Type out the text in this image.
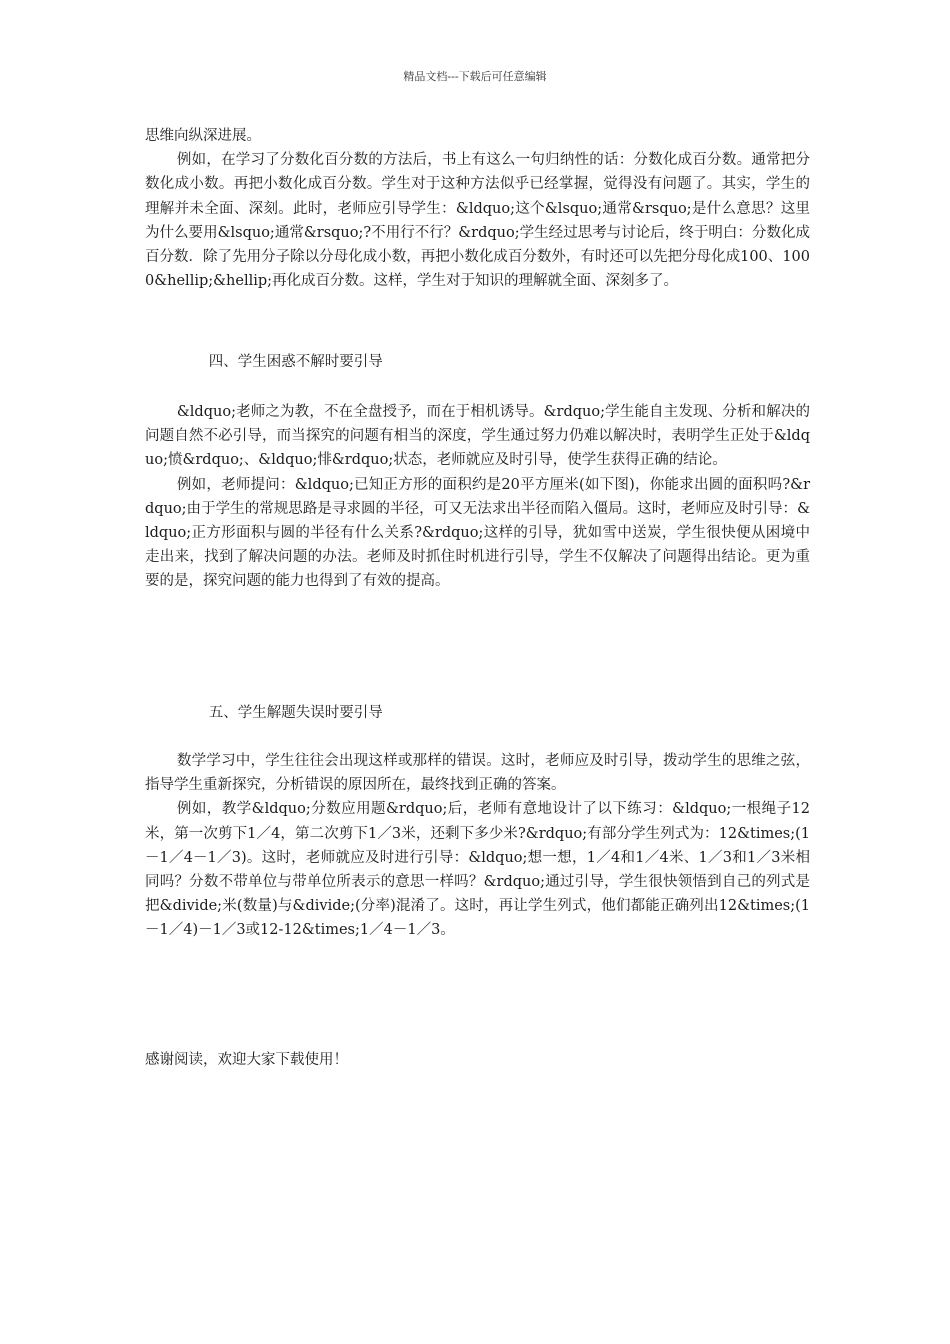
精品文档---下载后可任意编辑

思维向纵深进展。

例如，在学习了分数化百分数的方法后，书上有这么一句归纳性的话：分数化成百分数。通常把分数化成小数。再把小数化成百分数。学生对于这种方法似乎已经掌握，觉得没有问题了。其实，学生的理解并未全面、深刻。此时，老师应引导学生：&ldquo;这个&lsquo;通常&rsquo;是什么意思？这里为什么要用&lsquo;通常&rsquo;?不用行不行？&rdquo;学生经过思考与讨论后，终于明白：分数化成百分数．除了先用分子除以分母化成小数，再把小数化成百分数外，有时还可以先把分母化成100、1000&hellip;&hellip;再化成百分数。这样，学生对于知识的理解就全面、深刻多了。

四、学生困惑不解时要引导

&ldquo;老师之为教，不在全盘授予，而在于相机诱导。&rdquo;学生能自主发现、分析和解决的问题自然不必引导，而当探究的问题有相当的深度，学生通过努力仍难以解决时，表明学生正处于&ldquo;愤&rdquo;、&ldquo;悱&rdquo;状态，老师就应及时引导，使学生获得正确的结论。

例如，老师提问：&ldquo;已知正方形的面积约是20平方厘米(如下图)，你能求出圆的面积吗?&rdquo;由于学生的常规思路是寻求圆的半径，可又无法求出半径而陷入僵局。这时，老师应及时引导：&ldquo;正方形面积与圆的半径有什么关系?&rdquo;这样的引导，犹如雪中送炭，学生很快便从困境中走出来，找到了解决问题的办法。老师及时抓住时机进行引导，学生不仅解决了问题得出结论。更为重要的是，探究问题的能力也得到了有效的提高。

五、学生解题失误时要引导

数学学习中，学生往往会出现这样或那样的错误。这时，老师应及时引导，拨动学生的思维之弦，指导学生重新探究，分析错误的原因所在，最终找到正确的答案。

例如，教学&ldquo;分数应用题&rdquo;后，老师有意地设计了以下练习：&ldquo;一根绳子12米，第一次剪下1／4，第二次剪下1／3米，还剩下多少米?&rdquo;有部分学生列式为：12&times;(1－1／4－1／3)。这时，老师就应及时进行引导：&ldquo;想一想，1／4和1／4米、1／3和1／3米相同吗？分数不带单位与带单位所表示的意思一样吗？&rdquo;通过引导，学生很快领悟到自己的列式是把&divide;米(数量)与&divide;(分率)混淆了。这时，再让学生列式，他们都能正确列出12&times;(1－1／4)－1／3或12-12&times;1／4－1／3。

感谢阅读，欢迎大家下载使用！
